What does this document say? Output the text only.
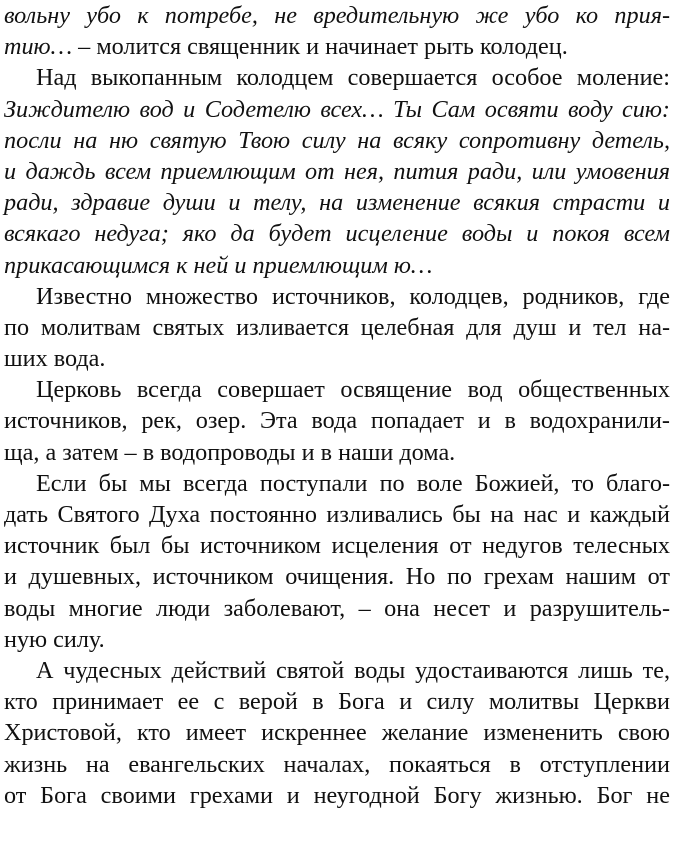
вольну убо к потребе, не вредительную же убо ко прия-
тию… – молится священник и начинает рыть колодец.
Над выкопанным колодцем совершается особое моление:
Зиждителю вод и Содетелю всех… Ты Сам освяти воду сию:
посли на ню святую Твою силу на всяку сопротивну детель,
и даждь всем приемлющим от нея, пития ради, или умовения
ради, здравие души и телу, на изменение всякия страсти и
всякаго недуга; яко да будет исцеление воды и покоя всем
прикасающимся к ней и приемлющим ю…
Известно множество источников, колодцев, родников, где
по молитвам святых изливается целебная для душ и тел на-
ших вода.
Церковь всегда совершает освящение вод общественных
источников, рек, озер. Эта вода попадает и в водохранили-
ща, а затем – в водопроводы и в наши дома.
Если бы мы всегда поступали по воле Божией, то благо-
дать Святого Духа постоянно изливались бы на нас и каждый
источник был бы источником исцеления от недугов телесных
и душевных, источником очищения. Но по грехам нашим от
воды многие люди заболевают, – она несет и разрушитель-
ную силу.
А чудесных действий святой воды удостаиваются лишь те,
кто принимает ее с верой в Бога и силу молитвы Церкви
Христовой, кто имеет искреннее желание измененить свою
жизнь на евангельских началах, покаяться в отступлении
от Бога своими грехами и неугодной Богу жизнью. Бог не
